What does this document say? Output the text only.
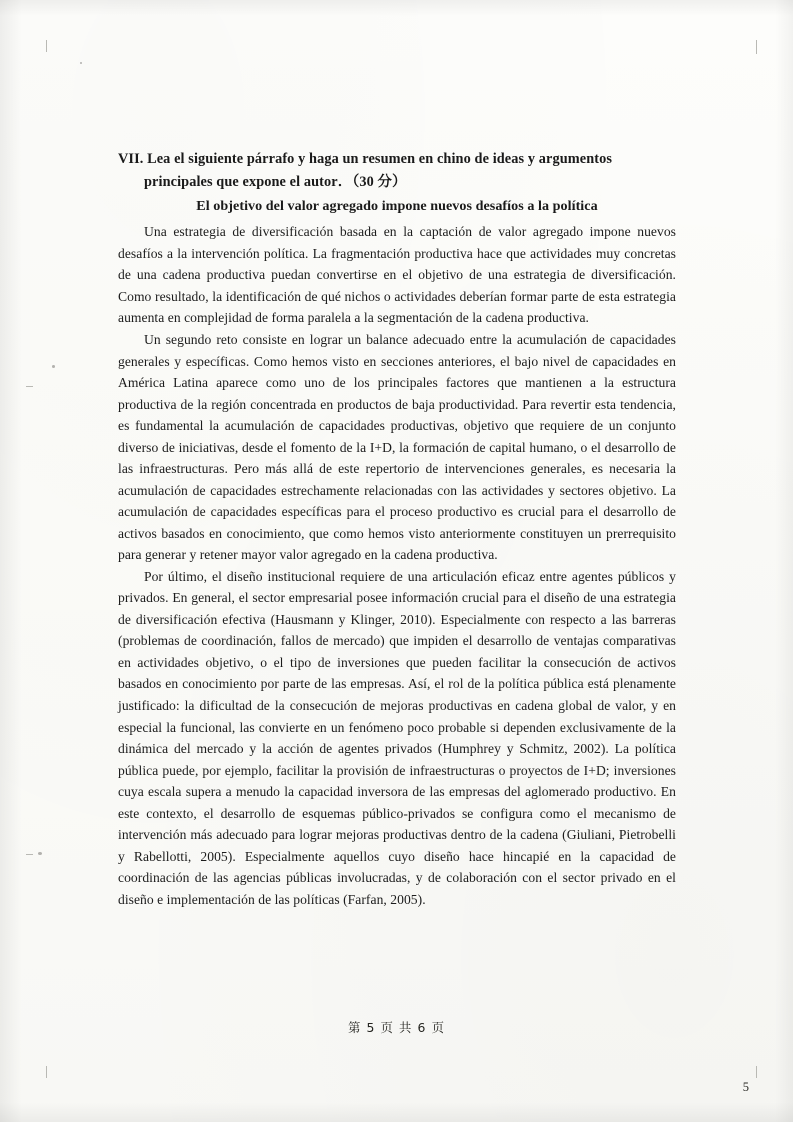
VII. Lea el siguiente párrafo y haga un resumen en chino de ideas y argumentos
principales que expone el autor．（30 分）
El objetivo del valor agregado impone nuevos desafíos a la política

Una estrategia de diversificación basada en la captación de valor agregado impone nuevos desafíos a la intervención política. La fragmentación productiva hace que actividades muy concretas de una cadena productiva puedan convertirse en el objetivo de una estrategia de diversificación. Como resultado, la identificación de qué nichos o actividades deberían formar parte de esta estrategia aumenta en complejidad de forma paralela a la segmentación de la cadena productiva.

Un segundo reto consiste en lograr un balance adecuado entre la acumulación de capacidades generales y específicas. Como hemos visto en secciones anteriores, el bajo nivel de capacidades en América Latina aparece como uno de los principales factores que mantienen a la estructura productiva de la región concentrada en productos de baja productividad. Para revertir esta tendencia, es fundamental la acumulación de capacidades productivas, objetivo que requiere de un conjunto diverso de iniciativas, desde el fomento de la I+D, la formación de capital humano, o el desarrollo de las infraestructuras. Pero más allá de este repertorio de intervenciones generales, es necesaria la acumulación de capacidades estrechamente relacionadas con las actividades y sectores objetivo. La acumulación de capacidades específicas para el proceso productivo es crucial para el desarrollo de activos basados en conocimiento, que como hemos visto anteriormente constituyen un prerrequisito para generar y retener mayor valor agregado en la cadena productiva.

Por último, el diseño institucional requiere de una articulación eficaz entre agentes públicos y privados. En general, el sector empresarial posee información crucial para el diseño de una estrategia de diversificación efectiva (Hausmann y Klinger, 2010). Especialmente con respecto a las barreras (problemas de coordinación, fallos de mercado) que impiden el desarrollo de ventajas comparativas en actividades objetivo, o el tipo de inversiones que pueden facilitar la consecución de activos basados en conocimiento por parte de las empresas. Así, el rol de la política pública está plenamente justificado: la dificultad de la consecución de mejoras productivas en cadena global de valor, y en especial la funcional, las convierte en un fenómeno poco probable si dependen exclusivamente de la dinámica del mercado y la acción de agentes privados (Humphrey y Schmitz, 2002). La política pública puede, por ejemplo, facilitar la provisión de infraestructuras o proyectos de I+D; inversiones cuya escala supera a menudo la capacidad inversora de las empresas del aglomerado productivo. En este contexto, el desarrollo de esquemas público-privados se configura como el mecanismo de intervención más adecuado para lograr mejoras productivas dentro de la cadena (Giuliani, Pietrobelli y Rabellotti, 2005). Especialmente aquellos cuyo diseño hace hincapié en la capacidad de coordinación de las agencias públicas involucradas, y de colaboración con el sector privado en el diseño e implementación de las políticas (Farfan, 2005).

第 5 页 共 6 页
5
